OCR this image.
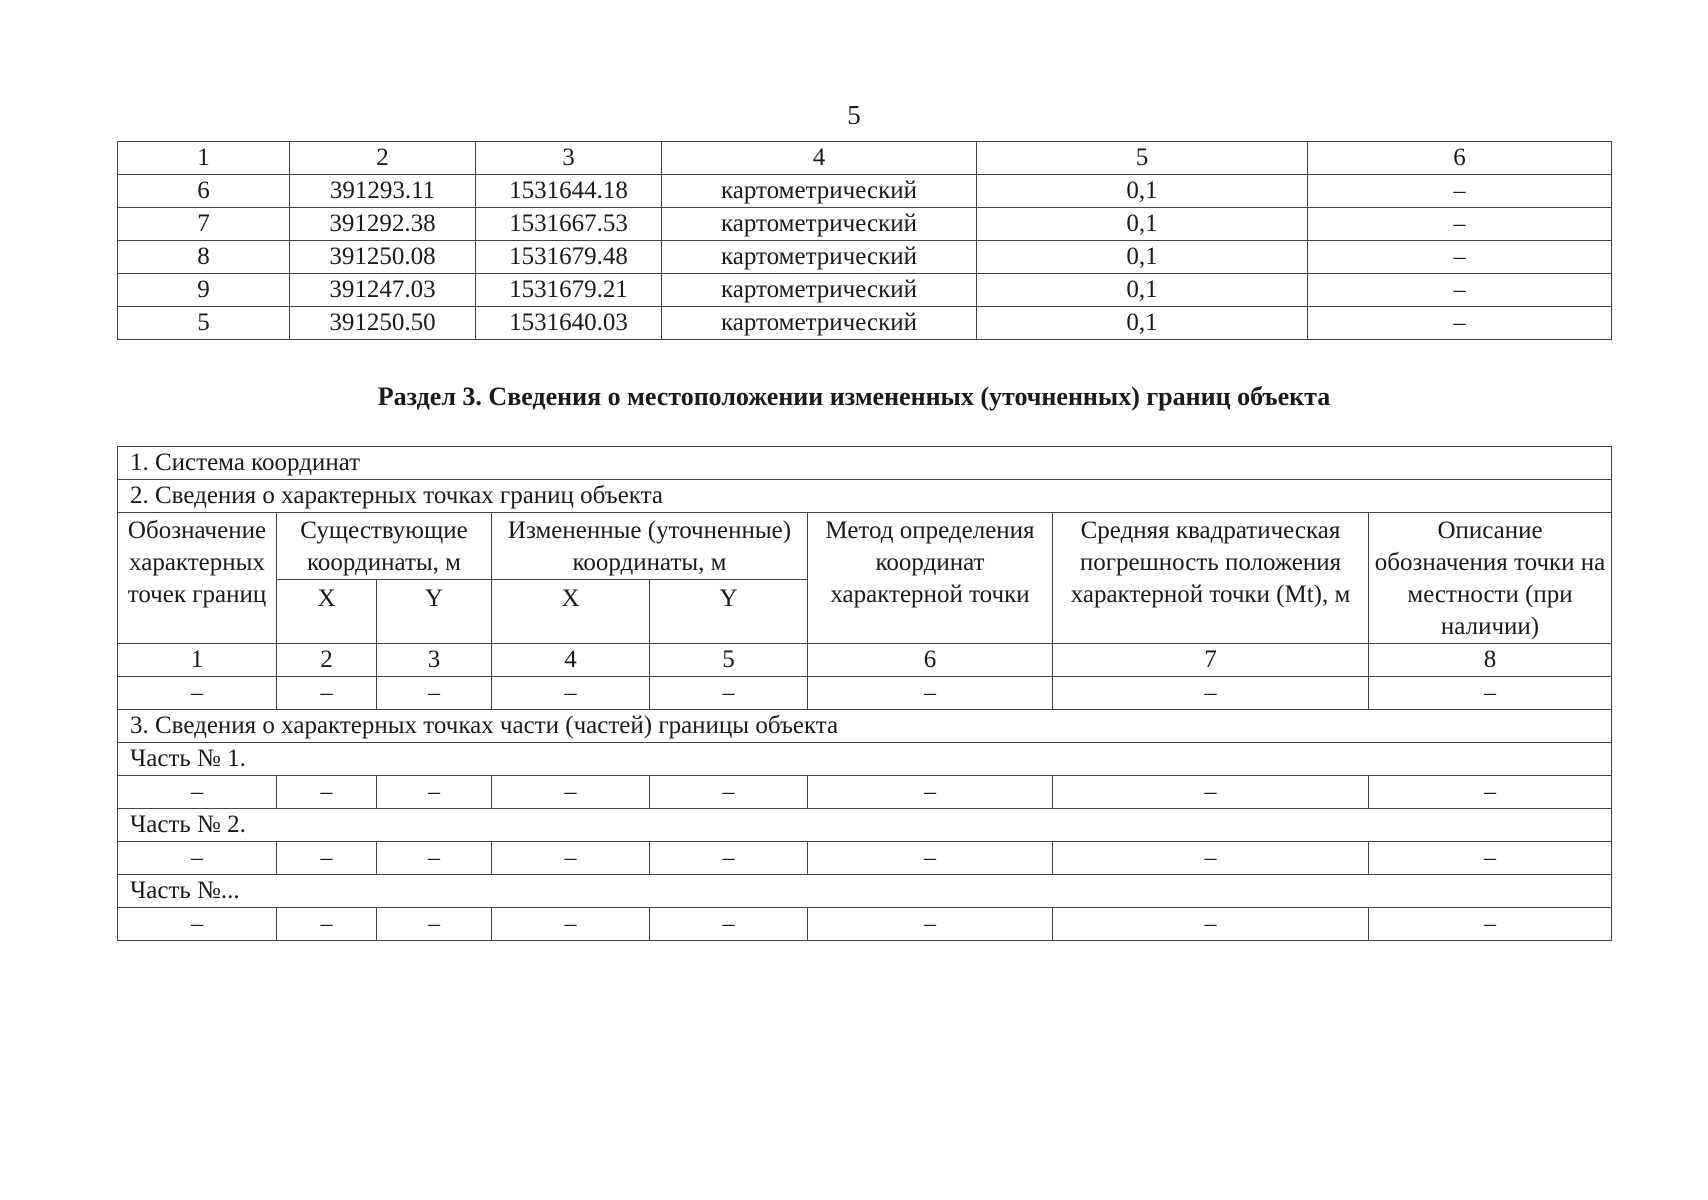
5
1	2	3	4	5	6
6	391293.11	1531644.18	картометрический	0,1	–
7	391292.38	1531667.53	картометрический	0,1	–
8	391250.08	1531679.48	картометрический	0,1	–
9	391247.03	1531679.21	картометрический	0,1	–
5	391250.50	1531640.03	картометрический	0,1	–
Раздел 3. Сведения о местоположении измененных (уточненных) границ объекта
1. Система координат							
2. Сведения о характерных точках границ объекта							
Обозначение характерных точек границ	Существующие координаты, м		Измененные (уточненные) координаты, м		Метод определения координат характерной точки	Средняя квадратическая погрешность положения характерной точки (Mt), м	Описание обозначения точки на местности (при наличии)
	X	Y	X	Y			
1	2	3	4	5	6	7	8
–	–	–	–	–	–	–	–
3. Сведения о характерных точках части (частей) границы объекта							
Часть № 1.							
–	–	–	–	–	–	–	–
Часть № 2.							
–	–	–	–	–	–	–	–
Часть №...							
–	–	–	–	–	–	–	–
